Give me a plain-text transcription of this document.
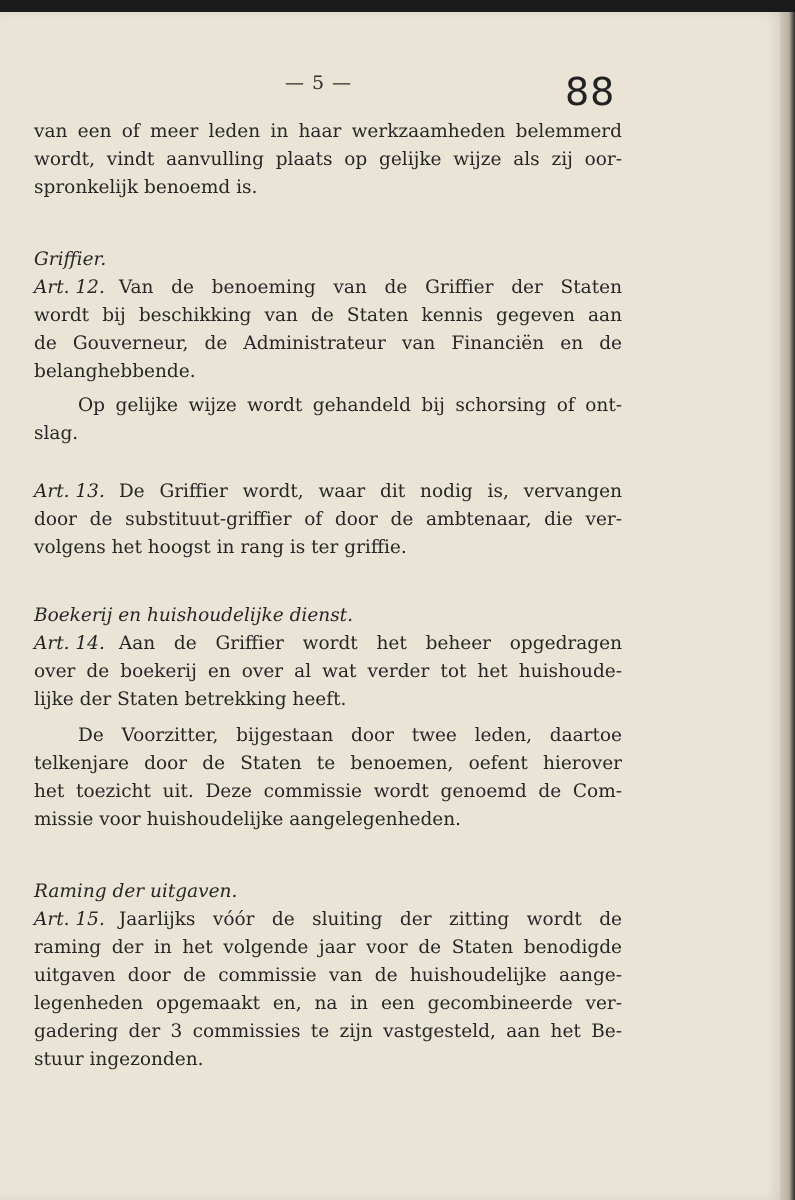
— 5 —	88
van een of meer leden in haar werkzaamheden belemmerd
wordt, vindt aanvulling plaats op gelijke wijze als zij oor-
spronkelijk benoemd is.
Griffier.
Art. 12. Van de benoeming van de Griffier der Staten
wordt bij beschikking van de Staten kennis gegeven aan
de Gouverneur, de Administrateur van Financiën en de
belanghebbende.
Op gelijke wijze wordt gehandeld bij schorsing of ont-
slag.
Art. 13. De Griffier wordt, waar dit nodig is, vervangen
door de substituut-griffier of door de ambtenaar, die ver-
volgens het hoogst in rang is ter griffie.
Boekerij en huishoudelijke dienst.
Art. 14. Aan de Griffier wordt het beheer opgedragen
over de boekerij en over al wat verder tot het huishoude-
lijke der Staten betrekking heeft.
De Voorzitter, bijgestaan door twee leden, daartoe
telkenjare door de Staten te benoemen, oefent hierover
het toezicht uit. Deze commissie wordt genoemd de Com-
missie voor huishoudelijke aangelegenheden.
Raming der uitgaven.
Art. 15. Jaarlijks vóór de sluiting der zitting wordt de
raming der in het volgende jaar voor de Staten benodigde
uitgaven door de commissie van de huishoudelijke aange-
legenheden opgemaakt en, na in een gecombineerde ver-
gadering der 3 commissies te zijn vastgesteld, aan het Be-
stuur ingezonden.
